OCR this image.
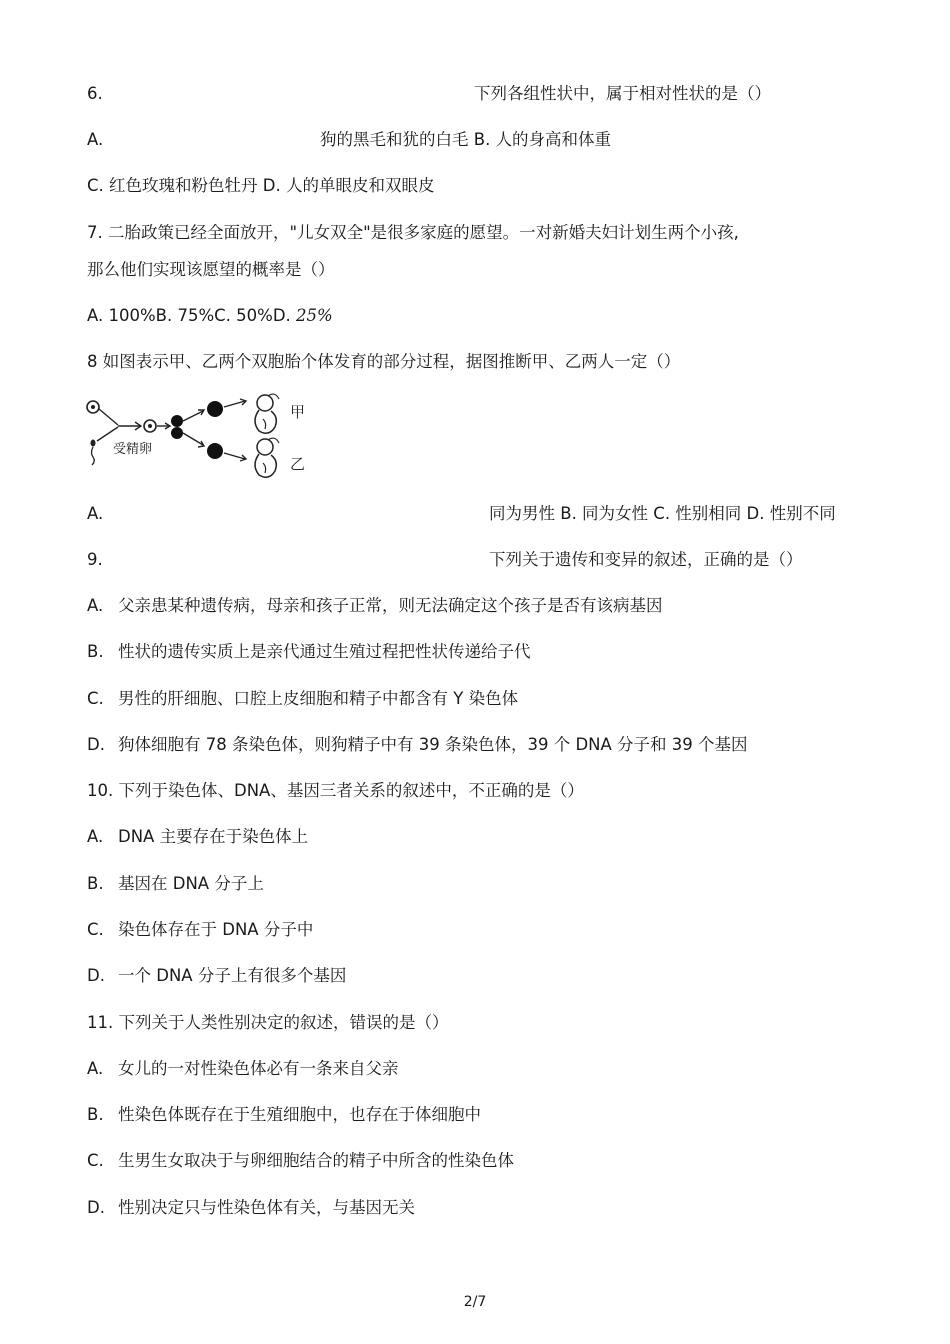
6.	下列各组性状中，属于相对性状的是（）
A.	狗的黑毛和犹的白毛 B. 人的身高和体重
C. 红色玫瑰和粉色牡丹 D. 人的单眼皮和双眼皮
7. 二胎政策已经全面放开，"儿女双全"是很多家庭的愿望。一对新婚夫妇计划生两个小孩,
那么他们实现该愿望的概率是（）
A. 100%B. 75%C. 50%D. 25%
8 如图表示甲、乙两个双胞胎个体发育的部分过程，据图推断甲、乙两人一定（）
受精卵
甲
乙
A.	同为男性 B. 同为女性 C. 性别相同 D. 性别不同
9.	下列关于遗传和变异的叙述，正确的是（）
A. 父亲患某种遗传病，母亲和孩子正常，则无法确定这个孩子是否有该病基因
B. 性状的遗传实质上是亲代通过生殖过程把性状传递给子代
C. 男性的肝细胞、口腔上皮细胞和精子中都含有 Y 染色体
D. 狗体细胞有 78 条染色体，则狗精子中有 39 条染色体，39 个 DNA 分子和 39 个基因
10. 下列于染色体、DNA、基因三者关系的叙述中，不正确的是（）
A. DNA 主要存在于染色体上
B. 基因在 DNA 分子上
C. 染色体存在于 DNA 分子中
D. 一个 DNA 分子上有很多个基因
11. 下列关于人类性别决定的叙述，错误的是（）
A. 女儿的一对性染色体必有一条来自父亲
B. 性染色体既存在于生殖细胞中，也存在于体细胞中
C. 生男生女取决于与卵细胞结合的精子中所含的性染色体
D. 性别决定只与性染色体有关，与基因无关
2/7
